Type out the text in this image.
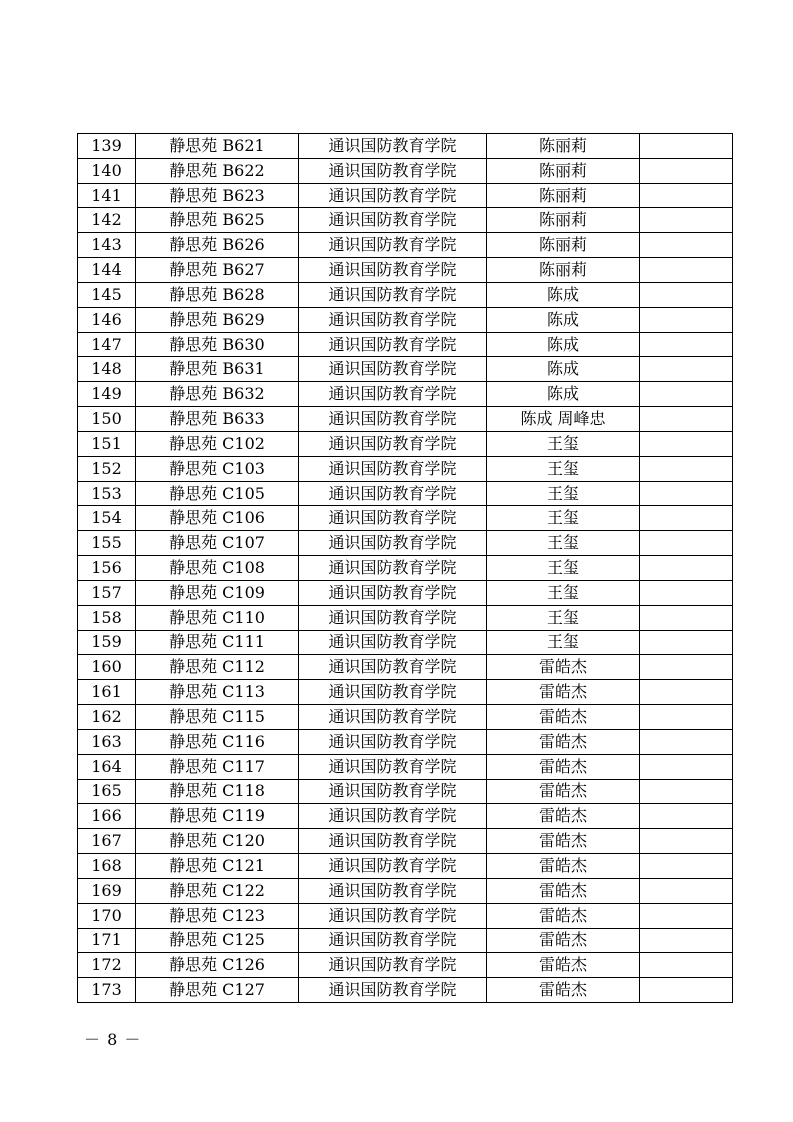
139	静思苑 B621	通识国防教育学院	陈丽莉	
140	静思苑 B622	通识国防教育学院	陈丽莉	
141	静思苑 B623	通识国防教育学院	陈丽莉	
142	静思苑 B625	通识国防教育学院	陈丽莉	
143	静思苑 B626	通识国防教育学院	陈丽莉	
144	静思苑 B627	通识国防教育学院	陈丽莉	
145	静思苑 B628	通识国防教育学院	陈成	
146	静思苑 B629	通识国防教育学院	陈成	
147	静思苑 B630	通识国防教育学院	陈成	
148	静思苑 B631	通识国防教育学院	陈成	
149	静思苑 B632	通识国防教育学院	陈成	
150	静思苑 B633	通识国防教育学院	陈成 周峰忠	
151	静思苑 C102	通识国防教育学院	王玺	
152	静思苑 C103	通识国防教育学院	王玺	
153	静思苑 C105	通识国防教育学院	王玺	
154	静思苑 C106	通识国防教育学院	王玺	
155	静思苑 C107	通识国防教育学院	王玺	
156	静思苑 C108	通识国防教育学院	王玺	
157	静思苑 C109	通识国防教育学院	王玺	
158	静思苑 C110	通识国防教育学院	王玺	
159	静思苑 C111	通识国防教育学院	王玺	
160	静思苑 C112	通识国防教育学院	雷皓杰	
161	静思苑 C113	通识国防教育学院	雷皓杰	
162	静思苑 C115	通识国防教育学院	雷皓杰	
163	静思苑 C116	通识国防教育学院	雷皓杰	
164	静思苑 C117	通识国防教育学院	雷皓杰	
165	静思苑 C118	通识国防教育学院	雷皓杰	
166	静思苑 C119	通识国防教育学院	雷皓杰	
167	静思苑 C120	通识国防教育学院	雷皓杰	
168	静思苑 C121	通识国防教育学院	雷皓杰	
169	静思苑 C122	通识国防教育学院	雷皓杰	
170	静思苑 C123	通识国防教育学院	雷皓杰	
171	静思苑 C125	通识国防教育学院	雷皓杰	
172	静思苑 C126	通识国防教育学院	雷皓杰	
173	静思苑 C127	通识国防教育学院	雷皓杰	
－ 8 －
